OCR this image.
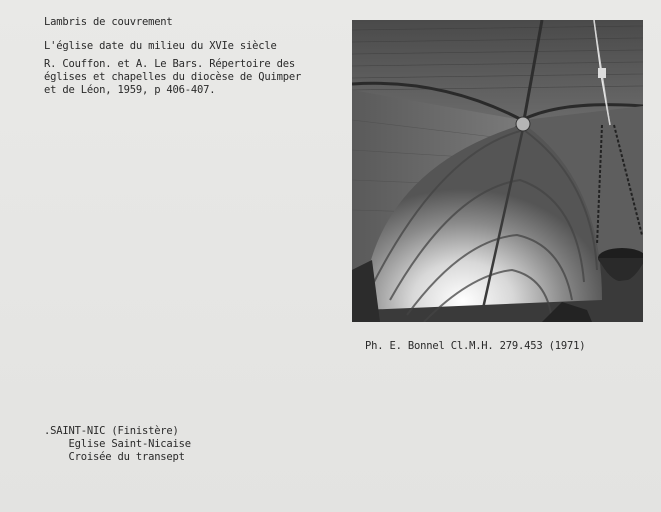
Lambris de couvrement
L'église date du milieu du XVIe siècle
R. Couffon. et A. Le Bars. Répertoire des
églises et chapelles du diocèse de Quimper
et de Léon, 1959, p 406-407.
Ph. E. Bonnel Cl.M.H. 279.453 (1971)
.SAINT-NIC (Finistère)
Eglise Saint-Nicaise
Croisée du transept
